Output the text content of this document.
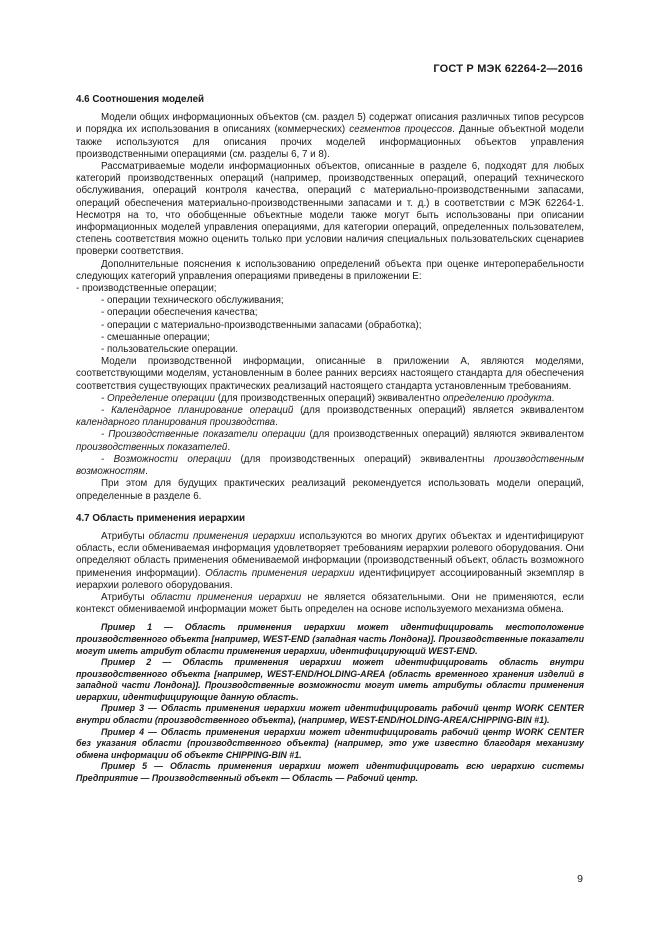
ГОСТ Р МЭК 62264-2—2016

4.6 Соотношения моделей

Модели общих информационных объектов (см. раздел 5) содержат описания различных типов ресурсов и порядка их использования в описаниях (коммерческих) сегментов процессов. Данные объектной модели также используются для описания прочих моделей информационных объектов управления производственными операциями (см. разделы 6, 7 и 8).

Рассматриваемые модели информационных объектов, описанные в разделе 6, подходят для любых категорий производственных операций (например, производственных операций, операций технического обслуживания, операций контроля качества, операций с материально-производственными запасами, операций обеспечения материально-производственными запасами и т. д.) в соответствии с МЭК 62264-1. Несмотря на то, что обобщенные объектные модели также могут быть использованы при описании информационных моделей управления операциями, для категории операций, определенных пользователем, степень соответствия можно оценить только при условии наличия специальных пользовательских сценариев проверки соответствия.

Дополнительные пояснения к использованию определений объекта при оценке интероперабельности следующих категорий управления операциями приведены в приложении Е:

- производственные операции;

- операции технического обслуживания;

- операции обеспечения качества;

- операции с материально-производственными запасами (обработка);

- смешанные операции;

- пользовательские операции.

Модели производственной информации, описанные в приложении А, являются моделями, соответствующими моделям, установленным в более ранних версиях настоящего стандарта для обеспечения соответствия существующих практических реализаций настоящего стандарта установленным требованиям.

- Определение операции (для производственных операций) эквивалентно определению продукта.

- Календарное планирование операций (для производственных операций) является эквивалентом календарного планирования производства.

- Производственные показатели операции (для производственных операций) являются эквивалентом производственных показателей.

- Возможности операции (для производственных операций) эквивалентны производственным возможностям.

При этом для будущих практических реализаций рекомендуется использовать модели операций, определенные в разделе 6.

4.7 Область применения иерархии

Атрибуты области применения иерархии используются во многих других объектах и идентифицируют область, если обмениваемая информация удовлетворяет требованиям иерархии ролевого оборудования. Они определяют область применения обмениваемой информации (производственный объект, область возможного применения информации). Область применения иерархии идентифицирует ассоциированный экземпляр в иерархии ролевого оборудования.

Атрибуты области применения иерархии не является обязательными. Они не применяются, если контекст обмениваемой информации может быть определен на основе используемого механизма обмена.

Пример 1 — Область применения иерархии может идентифицировать местоположение производственного объекта [например, WEST-END (западная часть Лондона)]. Производственные показатели могут иметь атрибут области применения иерархии, идентифицирующий WEST-END.

Пример 2 — Область применения иерархии может идентифицировать область внутри производственного объекта [например, WEST-END/HOLDING-AREA (область временного хранения изделий в западной части Лондона)]. Производственные возможности могут иметь атрибуты области применения иерархии, идентифицирующие данную область.

Пример 3 — Область применения иерархии может идентифицировать рабочий центр WORK CENTER внутри области (производственного объекта), (например, WEST-END/HOLDING-AREA/CHIPPING-BIN #1).

Пример 4 — Область применения иерархии может идентифицировать рабочий центр WORK CENTER без указания области (производственного объекта) (например, это уже известно благодаря механизму обмена информации об объекте CHIPPING-BIN #1.

Пример 5 — Область применения иерархии может идентифицировать всю иерархию системы Предприятие — Производственный объект — Область — Рабочий центр.

9
